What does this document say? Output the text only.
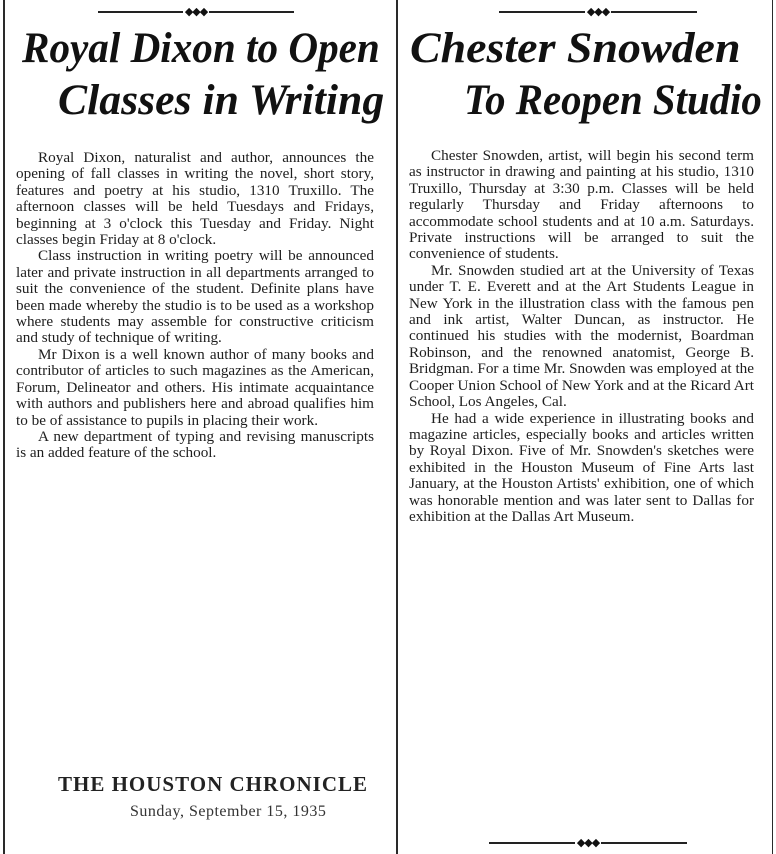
◆◆◆
Royal Dixon to Open
Classes in Writing

Royal Dixon, naturalist and author, announces the opening of fall classes in writing the novel, short story, features and poetry at his studio, 1310 Truxillo. The afternoon classes will be held Tuesdays and Fridays, beginning at 3 o'clock this Tuesday and Friday. Night classes begin Friday at 8 o'clock.

Class instruction in writing poetry will be announced later and private instruction in all departments arranged to suit the convenience of the student. Definite plans have been made whereby the studio is to be used as a workshop where students may assemble for constructive criticism and study of technique of writing.

Mr Dixon is a well known author of many books and contributor of articles to such magazines as the American, Forum, Delineator and others. His intimate acquaintance with authors and publishers here and abroad qualifies him to be of assistance to pupils in placing their work.

A new department of typing and revising manuscripts is an added feature of the school.

THE HOUSTON CHRONICLE
Sunday, September 15, 1935
◆◆◆
Chester Snowden
To Reopen Studio

Chester Snowden, artist, will begin his second term as instructor in drawing and painting at his studio, 1310 Truxillo, Thursday at 3:30 p.m. Classes will be held regularly Thursday and Friday afternoons to accommodate school students and at 10 a.m. Saturdays. Private instructions will be arranged to suit the convenience of students.

Mr. Snowden studied art at the University of Texas under T. E. Everett and at the Art Students League in New York in the illustration class with the famous pen and ink artist, Walter Duncan, as instructor. He continued his studies with the modernist, Boardman Robinson, and the renowned anatomist, George B. Bridgman. For a time Mr. Snowden was employed at the Cooper Union School of New York and at the Ricard Art School, Los Angeles, Cal.

He had a wide experience in illustrating books and magazine articles, especially books and articles written by Royal Dixon. Five of Mr. Snowden's sketches were exhibited in the Houston Museum of Fine Arts last January, at the Houston Artists' exhibition, one of which was honorable mention and was later sent to Dallas for exhibition at the Dallas Art Museum.

◆◆◆
